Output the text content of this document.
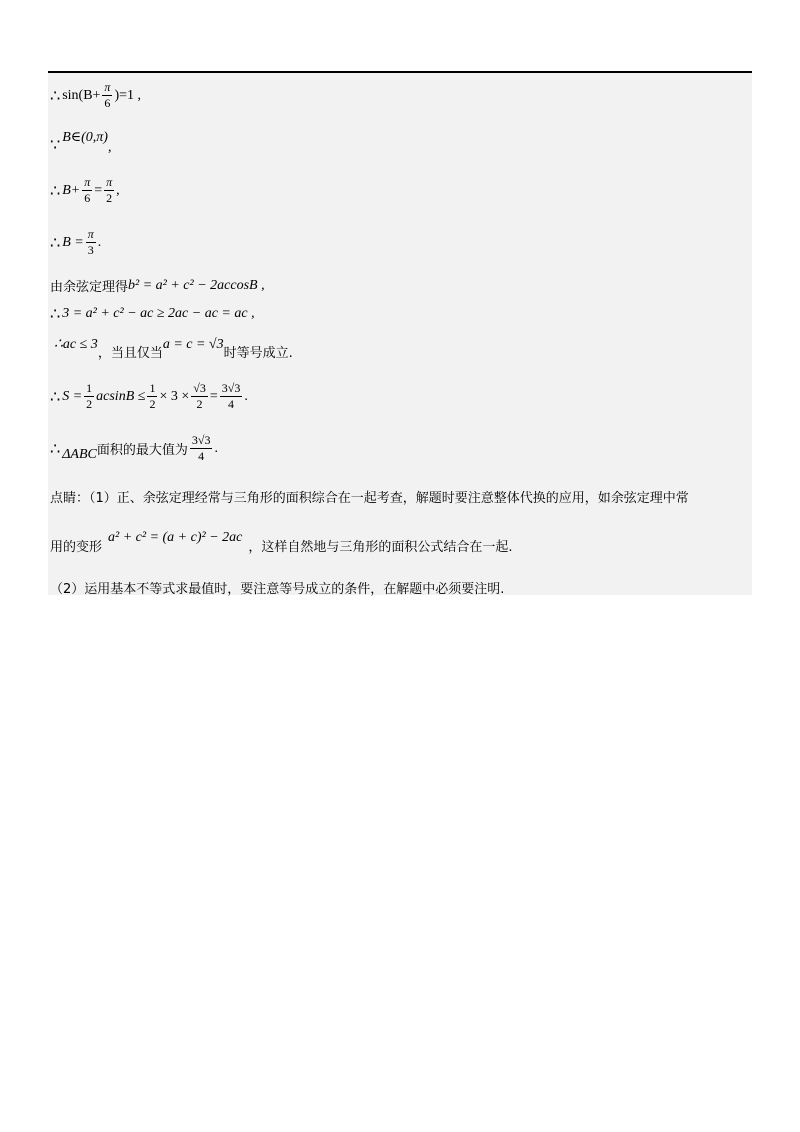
∴ $\sin(B+ \frac{\pi}{6} )=1$ ,
∵ B∈(0,π)
,
∴ $B+ \frac{\pi}{6} = \frac{\pi}{2}$ ,
∴ $B = \frac{\pi}{3}$ .
由余弦定理得 b² = a² + c² − 2accosB ,
∴ 3 = a² + c² − ac ≥ 2ac − ac = ac ,
∴ac ≤ 3
，当且仅当
a = c = √3
时等号成立.
∴ $S = \frac{1}{2}$ $acsinB \le \frac{1}{2} \times 3 \times \frac{√3}{2} = \frac{3√3}{4}$ .
∴ ΔABC 面积的最大值为 $\frac{3√3}{4}$ .
点睛：（1）正、余弦定理经常与三角形的面积综合在一起考查，解题时要注意整体代换的应用，如余弦定理中常
用的变形
a² + c² = (a + c)² − 2ac
，这样自然地与三角形的面积公式结合在一起.
（2）运用基本不等式求最值时，要注意等号成立的条件，在解题中必须要注明.
